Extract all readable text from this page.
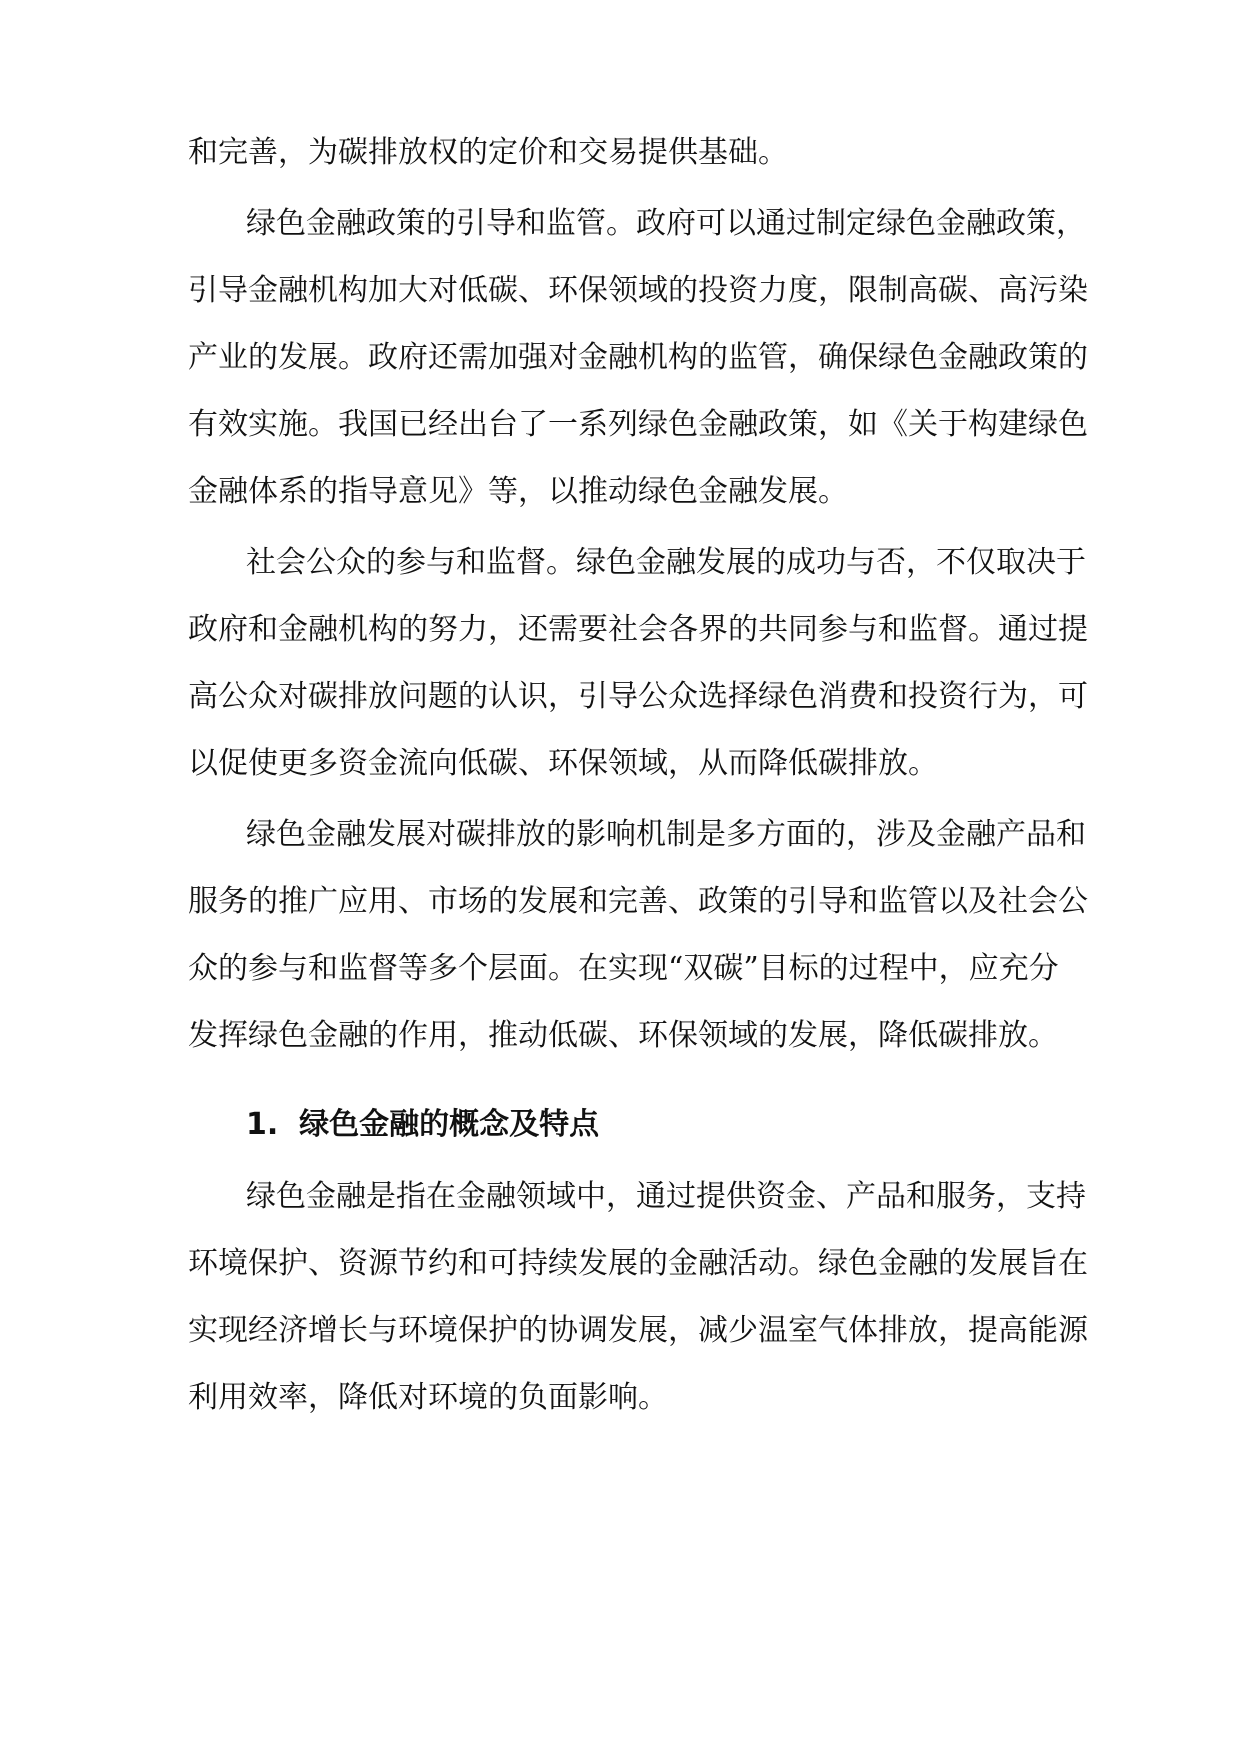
和完善，为碳排放权的定价和交易提供基础。
绿色金融政策的引导和监管。政府可以通过制定绿色金融政策，
引导金融机构加大对低碳、环保领域的投资力度，限制高碳、高污染
产业的发展。政府还需加强对金融机构的监管，确保绿色金融政策的
有效实施。我国已经出台了一系列绿色金融政策，如《关于构建绿色
金融体系的指导意见》等，以推动绿色金融发展。
社会公众的参与和监督。绿色金融发展的成功与否，不仅取决于
政府和金融机构的努力，还需要社会各界的共同参与和监督。通过提
高公众对碳排放问题的认识，引导公众选择绿色消费和投资行为，可
以促使更多资金流向低碳、环保领域，从而降低碳排放。
绿色金融发展对碳排放的影响机制是多方面的，涉及金融产品和
服务的推广应用、市场的发展和完善、政策的引导和监管以及社会公
众的参与和监督等多个层面。在实现“双碳”目标的过程中，应充分
发挥绿色金融的作用，推动低碳、环保领域的发展，降低碳排放。
1. 绿色金融的概念及特点
绿色金融是指在金融领域中，通过提供资金、产品和服务，支持
环境保护、资源节约和可持续发展的金融活动。绿色金融的发展旨在
实现经济增长与环境保护的协调发展，减少温室气体排放，提高能源
利用效率，降低对环境的负面影响。
